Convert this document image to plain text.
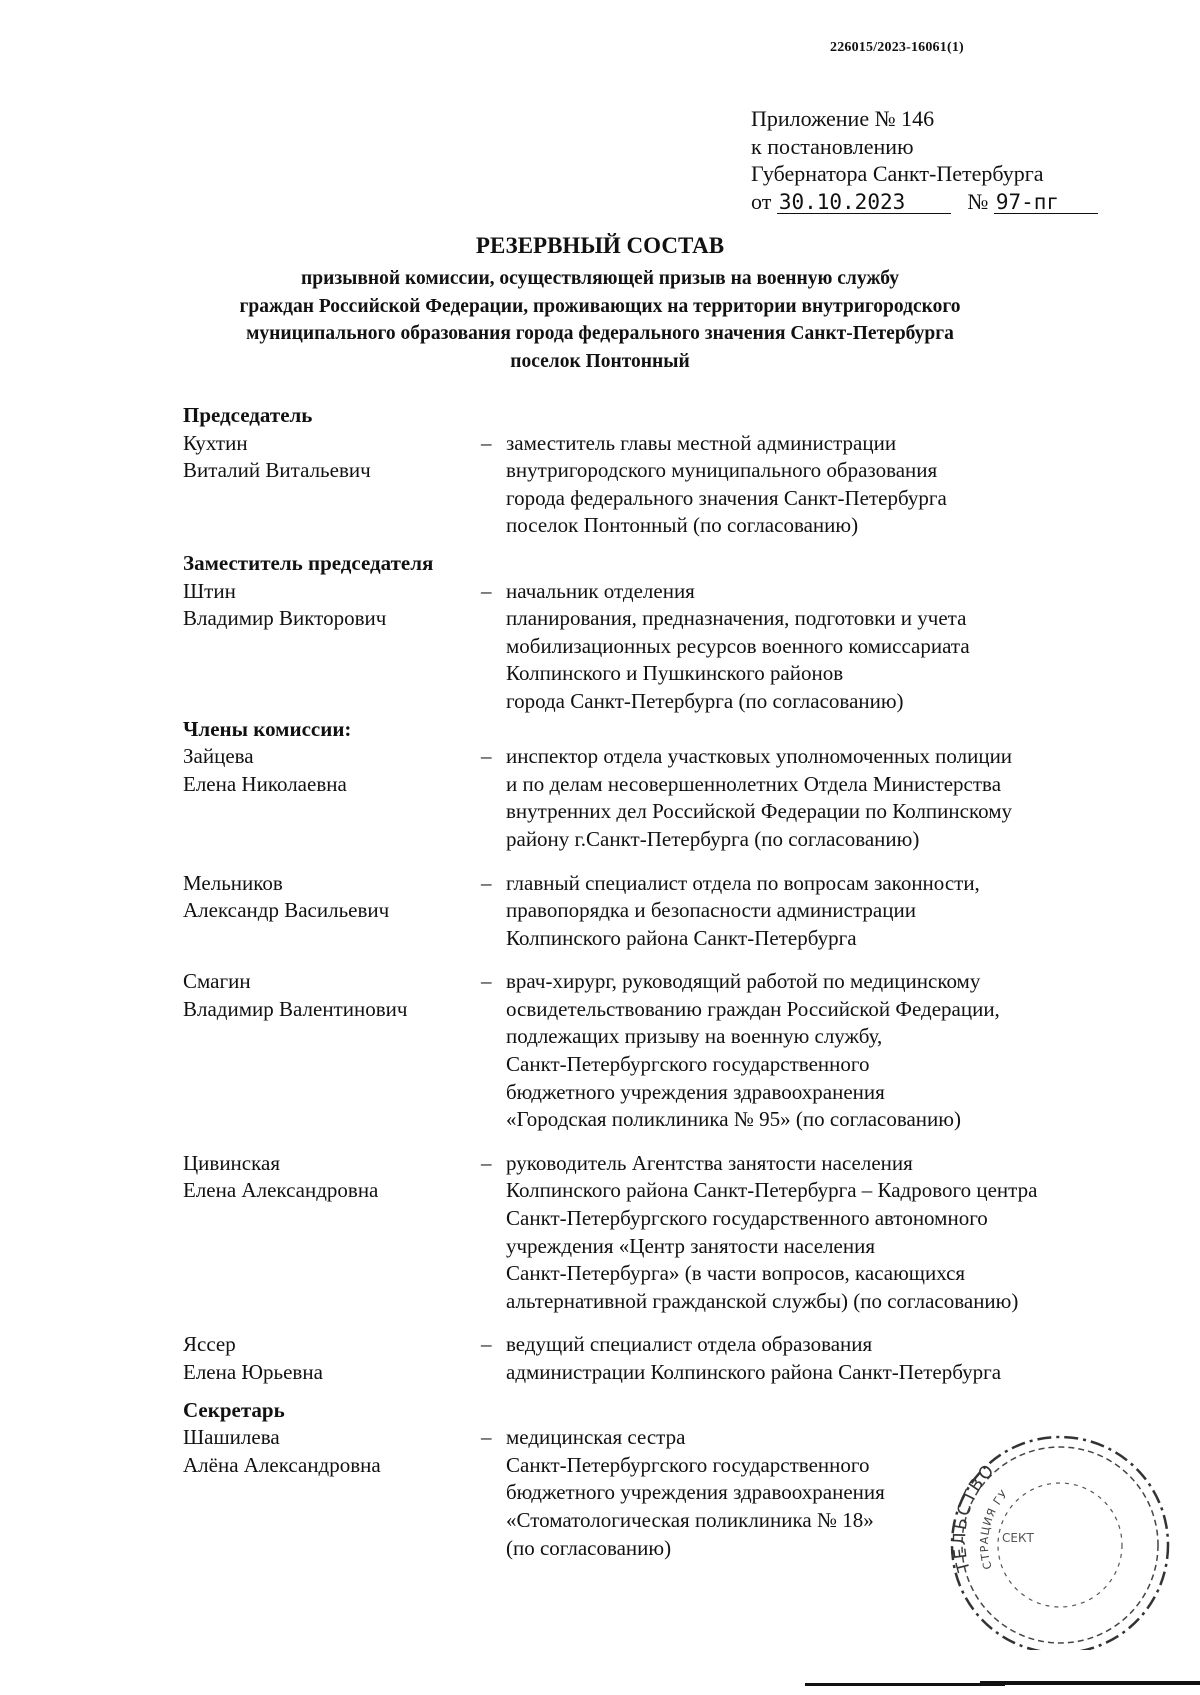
226015/2023-16061(1)
Приложение № 146
к постановлению
Губернатора Санкт-Петербурга
от 30.10.2023	№ 97-пг
РЕЗЕРВНЫЙ СОСТАВ
призывной комиссии, осуществляющей призыв на военную службу
граждан Российской Федерации, проживающих на территории внутригородского
муниципального образования города федерального значения Санкт-Петербурга
поселок Понтонный
Председатель
Кухтин
Виталий Витальевич
– заместитель главы местной администрации
внутригородского муниципального образования
города федерального значения Санкт-Петербурга
поселок Понтонный (по согласованию)
Заместитель председателя
Штин
Владимир Викторович
– начальник отделения
планирования, предназначения, подготовки и учета
мобилизационных ресурсов военного комиссариата
Колпинского и Пушкинского районов
города Санкт-Петербурга (по согласованию)
Члены комиссии:
Зайцева
Елена Николаевна
– инспектор отдела участковых уполномоченных полиции
и по делам несовершеннолетних Отдела Министерства
внутренних дел Российской Федерации по Колпинскому
району г.Санкт-Петербурга (по согласованию)
Мельников
Александр Васильевич
– главный специалист отдела по вопросам законности,
правопорядка и безопасности администрации
Колпинского района Санкт-Петербурга
Смагин
Владимир Валентинович
– врач-хирург, руководящий работой по медицинскому
освидетельствованию граждан Российской Федерации,
подлежащих призыву на военную службу,
Санкт-Петербургского государственного
бюджетного учреждения здравоохранения
«Городская поликлиника № 95» (по согласованию)
Цивинская
Елена Александровна
– руководитель Агентства занятости населения
Колпинского района Санкт-Петербурга – Кадрового центра
Санкт-Петербургского государственного автономного
учреждения «Центр занятости населения
Санкт-Петербурга» (в части вопросов, касающихся
альтернативной гражданской службы) (по согласованию)
Яссер
Елена Юрьевна
– ведущий специалист отдела образования
администрации Колпинского района Санкт-Петербурга
Секретарь
Шашилева
Алёна Александровна
– медицинская сестра
Санкт-Петербургского государственного
бюджетного учреждения здравоохранения
«Стоматологическая поликлиника № 18»
(по согласованию)
ТЕЛЬСТВО
СТРАЦИЯ ГУ
СЕКТ
